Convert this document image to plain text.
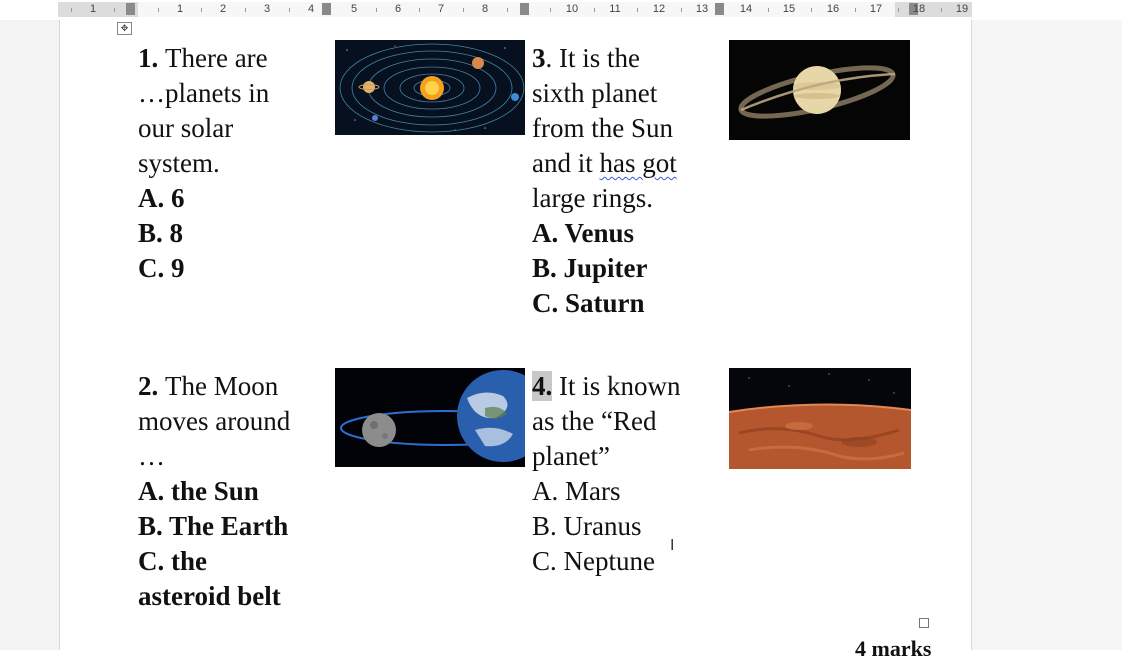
1	1	2	3	4	5	6	7	8	10	11	12	13	14	15	16	17	18	19
✥
1. There are
…planets in
our solar
system.
A. 6
B. 8
C. 9
3. It is the
sixth planet
from the Sun
and it has got
large rings.
A. Venus
B. Jupiter
C. Saturn
2. The Moon
moves around
…
A. the Sun
B. The Earth
C. the
asteroid belt
4. It is known
as the “Red
planet”
A. Mars
B. Uranus
C. Neptune
I
4 marks
